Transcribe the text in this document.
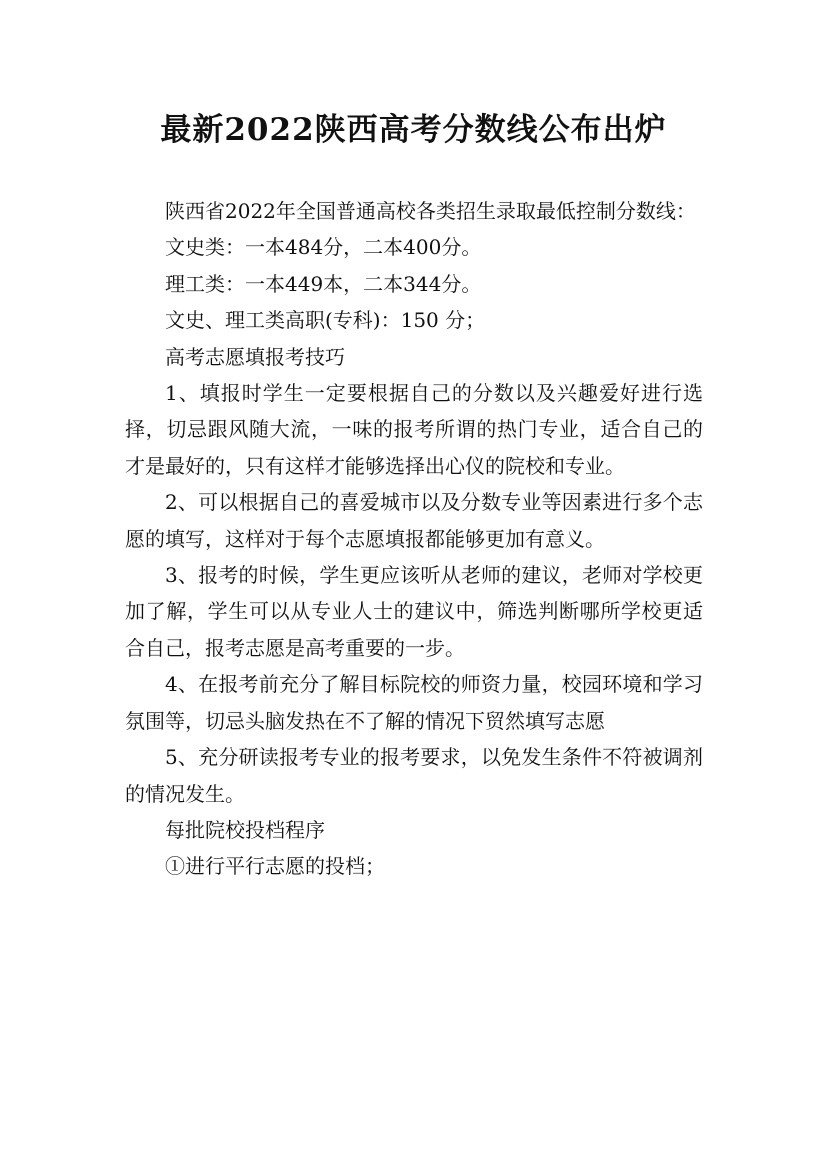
最新2022陕西高考分数线公布出炉

陕西省2022年全国普通高校各类招生录取最低控制分数线：

文史类：一本484分，二本400分。

理工类：一本449本，二本344分。

文史、理工类高职(专科)：150 分；

高考志愿填报考技巧

1、填报时学生一定要根据自己的分数以及兴趣爱好进行选择，切忌跟风随大流，一味的报考所谓的热门专业，适合自己的才是最好的，只有这样才能够选择出心仪的院校和专业。

2、可以根据自己的喜爱城市以及分数专业等因素进行多个志愿的填写，这样对于每个志愿填报都能够更加有意义。

3、报考的时候，学生更应该听从老师的建议，老师对学校更加了解，学生可以从专业人士的建议中，筛选判断哪所学校更适合自己，报考志愿是高考重要的一步。

4、在报考前充分了解目标院校的师资力量，校园环境和学习氛围等，切忌头脑发热在不了解的情况下贸然填写志愿

5、充分研读报考专业的报考要求，以免发生条件不符被调剂的情况发生。

每批院校投档程序

①进行平行志愿的投档；
